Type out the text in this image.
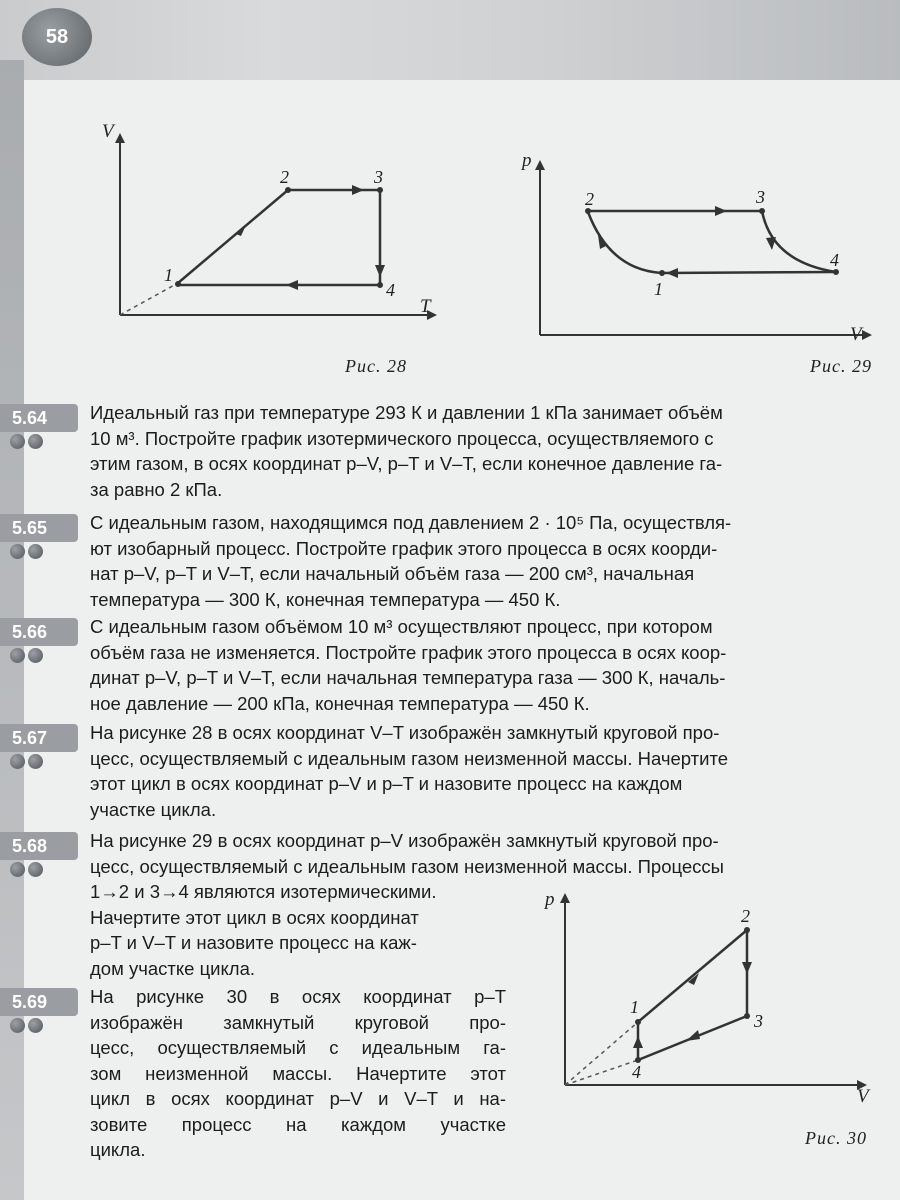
58
V
T
1
2	3
4
Рис. 28
p
V
1
2	3
4
Рис. 29
5.64	Идеальный газ при температуре 293 К и давлении 1 кПа занимает объём
10 м³. Постройте график изотермического процесса, осуществляемого с
этим газом, в осях координат p–V, p–T и V–T, если конечное давление га-
за равно 2 кПа.
5.65	С идеальным газом, находящимся под давлением 2 · 10⁵ Па, осуществля-
ют изобарный процесс. Постройте график этого процесса в осях коорди-
нат p–V, p–T и V–T, если начальный объём газа — 200 см³, начальная
температура — 300 К, конечная температура — 450 К.
5.66	С идеальным газом объёмом 10 м³ осуществляют процесс, при котором
объём газа не изменяется. Постройте график этого процесса в осях коор-
динат p–V, p–T и V–T, если начальная температура газа — 300 К, началь-
ное давление — 200 кПа, конечная температура — 450 К.
5.67	На рисунке 28 в осях координат V–T изображён замкнутый круговой про-
цесс, осуществляемый с идеальным газом неизменной массы. Начертите
этот цикл в осях координат p–V и p–T и назовите процесс на каждом
участке цикла.
5.68	На рисунке 29 в осях координат p–V изображён замкнутый круговой про-
цесс, осуществляемый с идеальным газом неизменной массы. Процессы
1→2 и 3→4 являются изотермическими.
Начертите этот цикл в осях координат
p–T и V–T и назовите процесс на каж-
дом участке цикла.
5.69	На рисунке 30 в осях координат p–T
изображён замкнутый круговой про-
цесс, осуществляемый с идеальным га-
зом неизменной массы. Начертите этот
цикл в осях координат p–V и V–T и на-
зовите процесс на каждом участке
цикла.
p
V
1
2
3
4
Рис. 30
